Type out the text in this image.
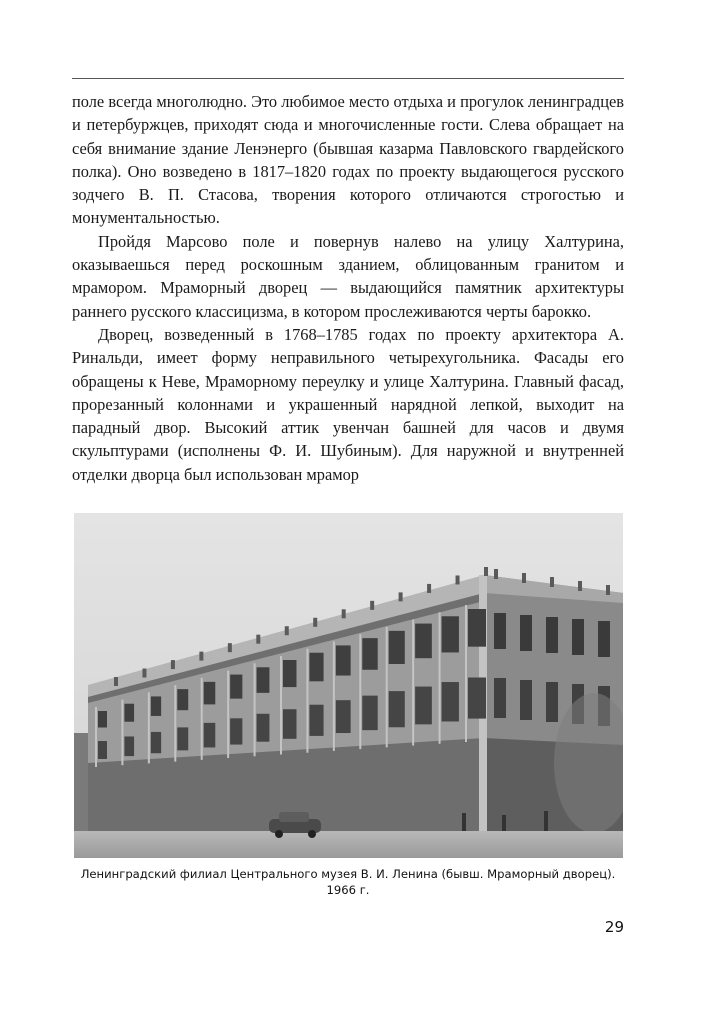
поле всегда многолюдно. Это любимое место отдыха и прогулок ленинградцев и петербуржцев, приходят сюда и многочисленные гости. Слева обращает на себя внимание здание Ленэнерго (бывшая казарма Павловского гвардейского полка). Оно возведено в 1817–1820 годах по проекту выдающегося русского зодчего В. П. Стасова, творения которого отличаются строгостью и монументальностью.

Пройдя Марсово поле и повернув налево на улицу Халтурина, оказываешься перед роскошным зданием, облицованным гранитом и мрамором. Мраморный дворец — выдающийся памятник архитектуры раннего русского классицизма, в котором прослеживаются черты барокко.

Дворец, возведенный в 1768–1785 годах по проекту архитектора А. Ринальди, имеет форму неправильного четырехугольника. Фасады его обращены к Неве, Мраморному переулку и улице Халтурина. Главный фасад, прорезанный колоннами и украшенный нарядной лепкой, выходит на парадный двор. Высокий аттик увенчан башней для часов и двумя скульптурами (исполнены Ф. И. Шубиным). Для наружной и внутренней отделки дворца был использован мрамор

Ленинградский филиал Центрального музея В. И. Ленина (бывш. Мраморный дворец).
1966 г.
29
